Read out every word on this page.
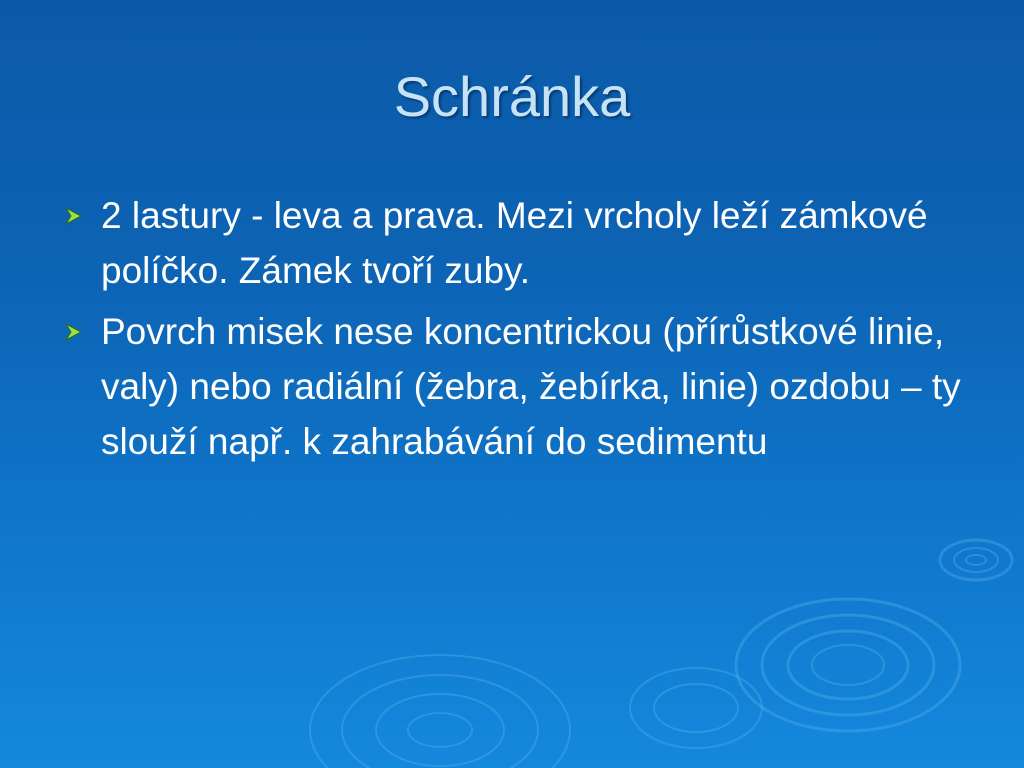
Schránka
2 lastury - leva a prava. Mezi vrcholy leží zámkové políčko. Zámek tvoří zuby.
Povrch misek nese koncentrickou (přírůstkové linie, valy) nebo radiální (žebra, žebírka, linie) ozdobu – ty slouží např. k zahrabávání do sedimentu
